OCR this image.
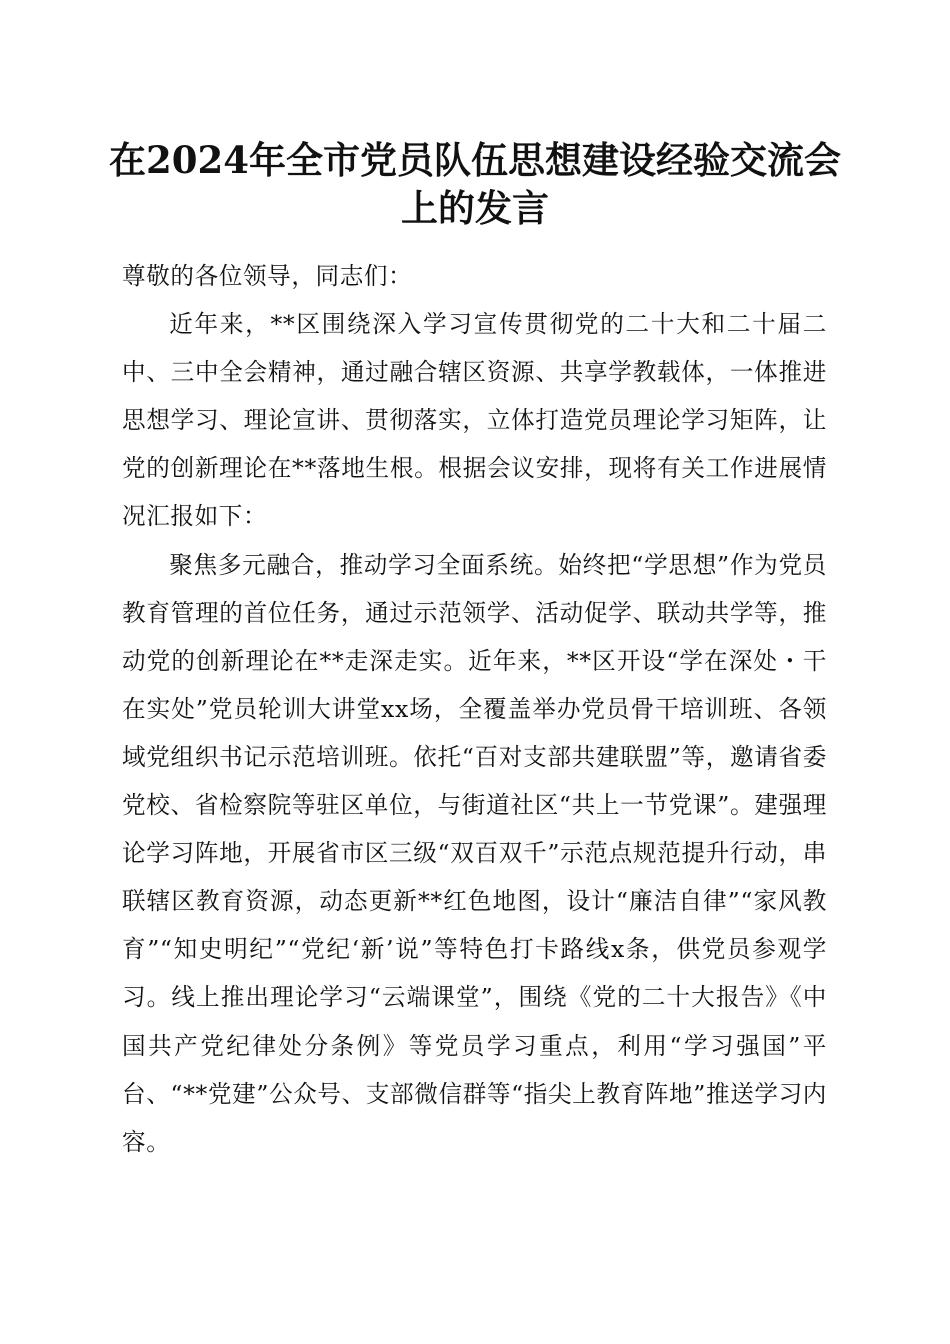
在2024年全市党员队伍思想建设经验交流会
上的发言

尊敬的各位领导，同志们：

近年来，**区围绕深入学习宣传贯彻党的二十大和二十届二中、三中全会精神，通过融合辖区资源、共享学教载体，一体推进思想学习、理论宣讲、贯彻落实，立体打造党员理论学习矩阵，让党的创新理论在**落地生根。根据会议安排，现将有关工作进展情况汇报如下：

聚焦多元融合，推动学习全面系统。始终把“学思想”作为党员教育管理的首位任务，通过示范领学、活动促学、联动共学等，推动党的创新理论在**走深走实。近年来，**区开设“学在深处・干在实处”党员轮训大讲堂xx场，全覆盖举办党员骨干培训班、各领域党组织书记示范培训班。依托“百对支部共建联盟”等，邀请省委党校、省检察院等驻区单位，与街道社区“共上一节党课”。建强理论学习阵地，开展省市区三级“双百双千”示范点规范提升行动，串联辖区教育资源，动态更新**红色地图，设计“廉洁自律”“家风教育”“知史明纪”“党纪‘新’说”等特色打卡路线x条，供党员参观学习。线上推出理论学习“云端课堂”，围绕《党的二十大报告》《中国共产党纪律处分条例》等党员学习重点，利用“学习强国”平台、“**党建”公众号、支部微信群等“指尖上教育阵地”推送学习内容。
